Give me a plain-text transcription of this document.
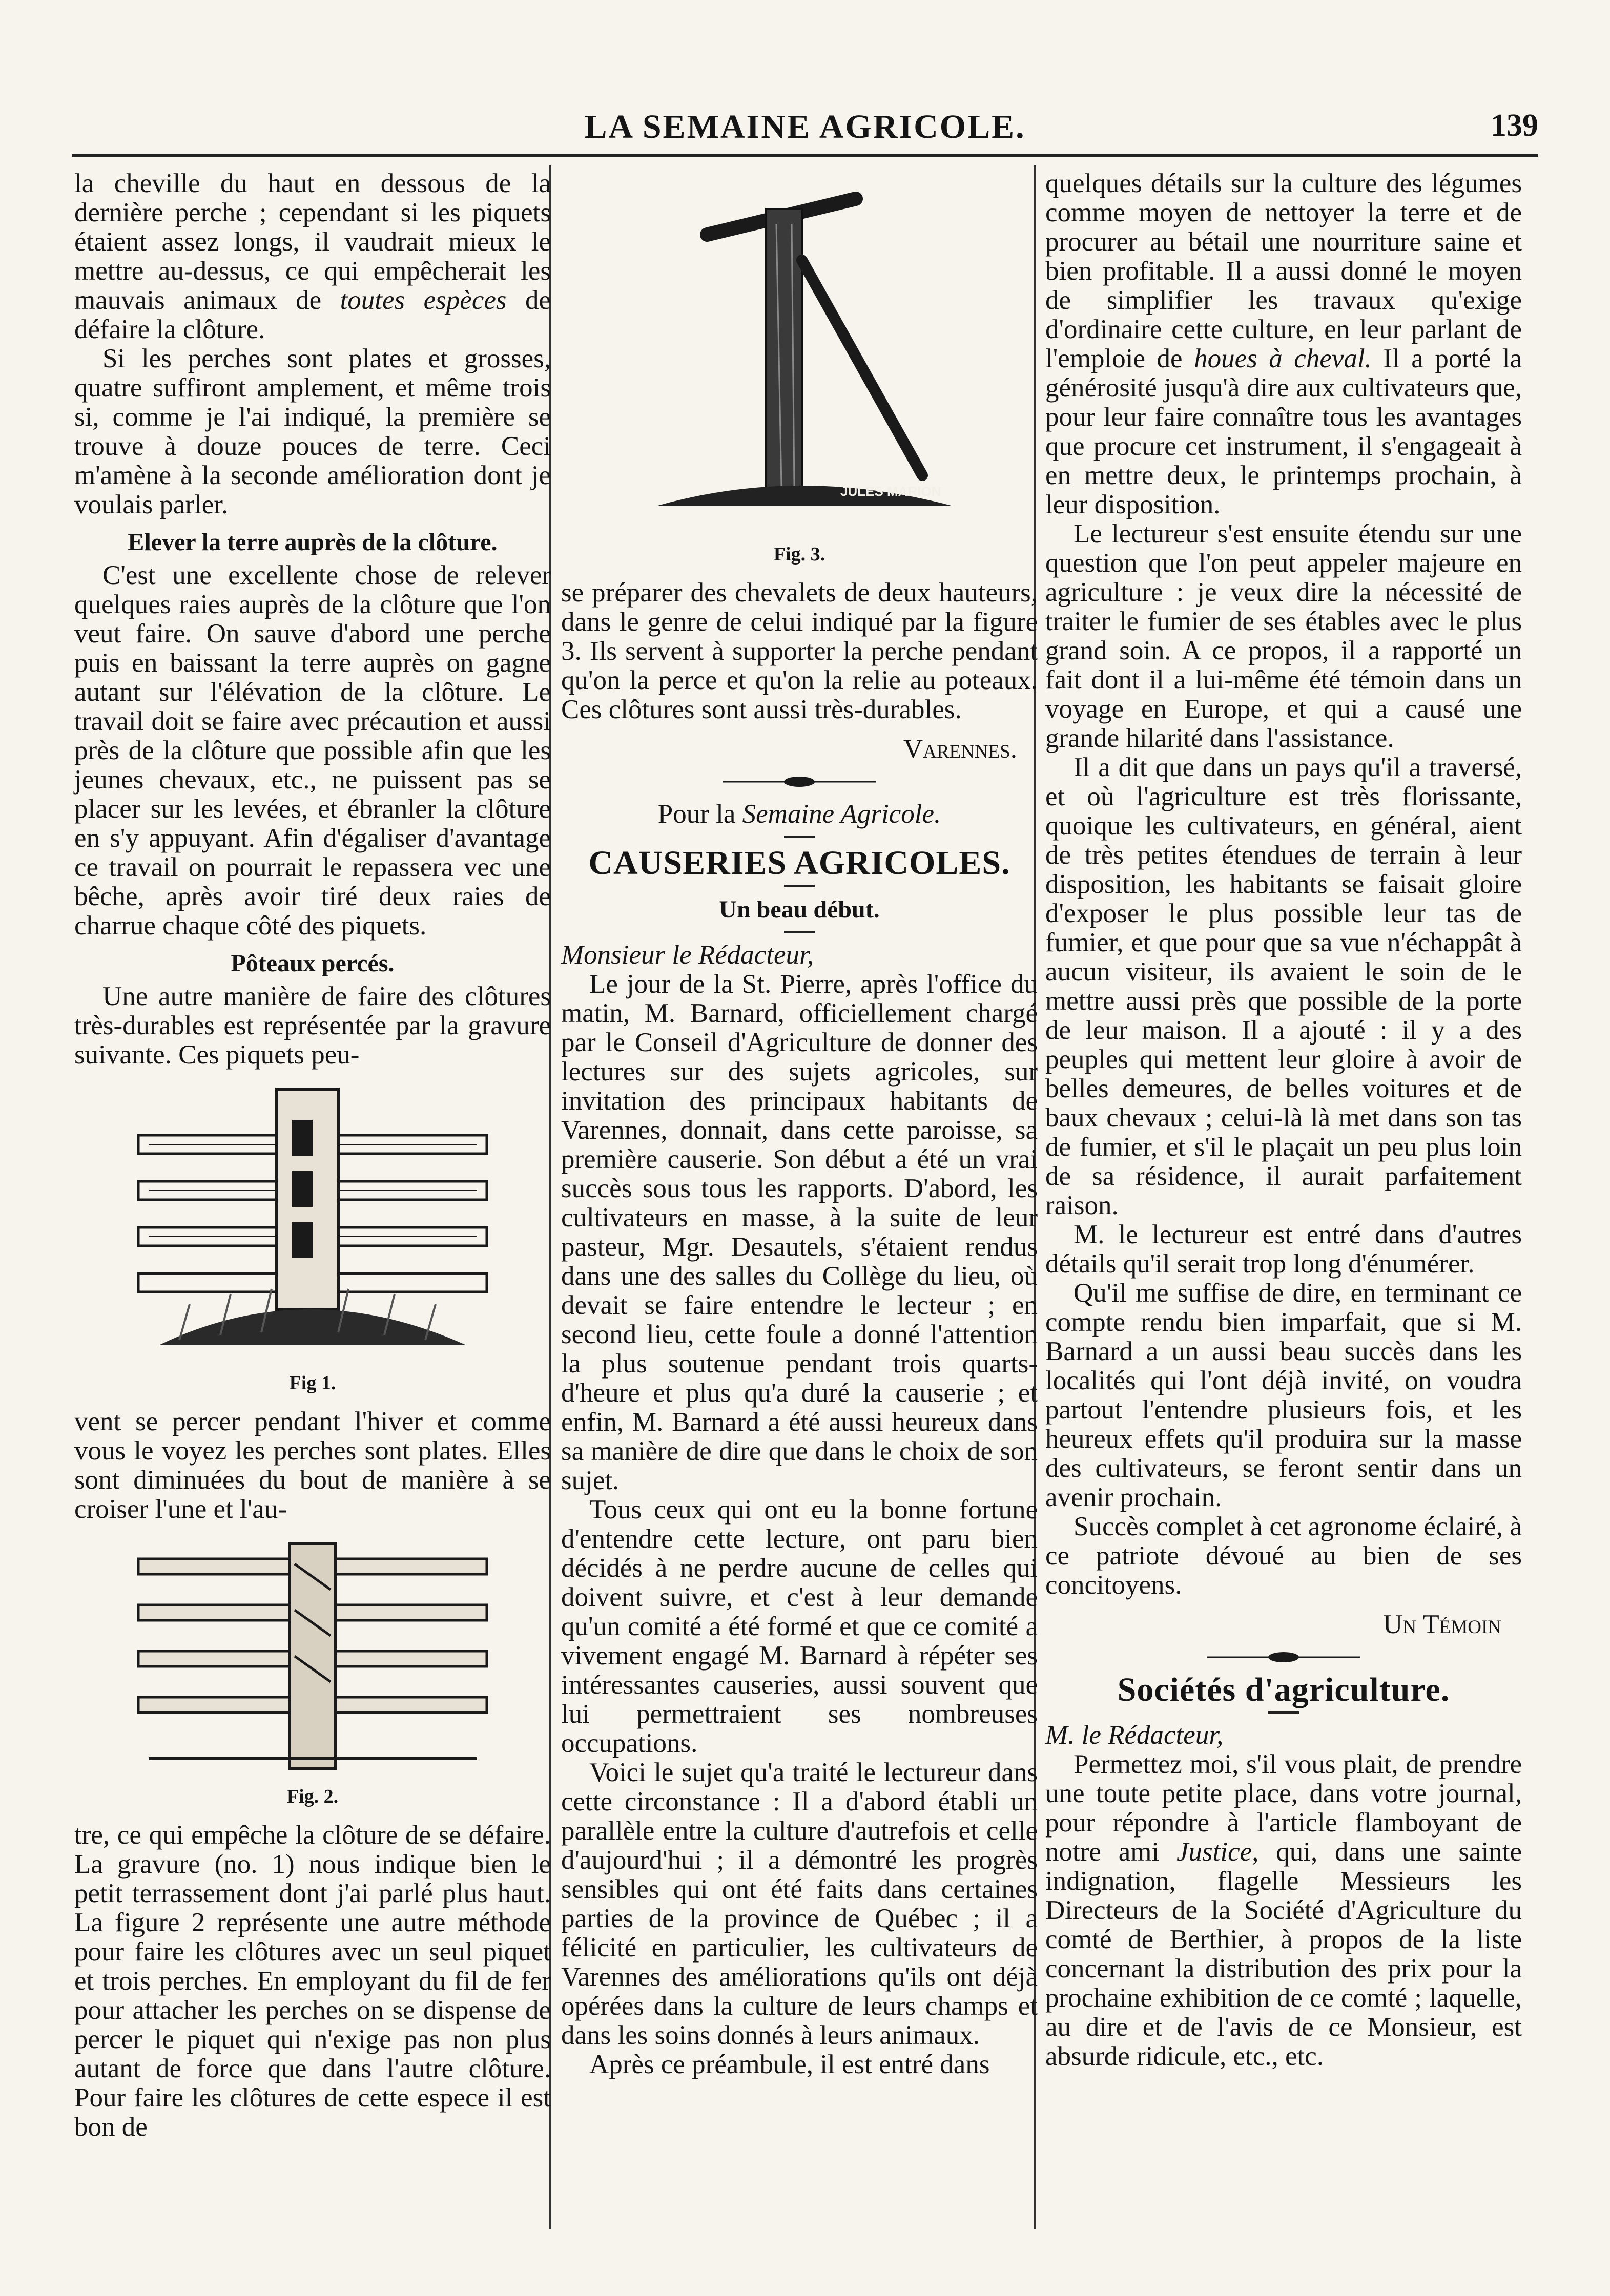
LA SEMAINE AGRICOLE.	139

la cheville du haut en dessous de la dernière perche ; cependant si les piquets étaient assez longs, il vaudrait mieux le mettre au-dessus, ce qui empêcherait les mauvais animaux de toutes espèces de défaire la clôture.

Si les perches sont plates et grosses, quatre suffiront amplement, et même trois si, comme je l'ai indiqué, la première se trouve à douze pouces de terre. Ceci m'amène à la seconde amélioration dont je voulais parler.

Elever la terre auprès de la clôture.

C'est une excellente chose de relever quelques raies auprès de la clôture que l'on veut faire. On sauve d'abord une perche puis en baissant la terre auprès on gagne autant sur l'élévation de la clôture. Le travail doit se faire avec précaution et aussi près de la clôture que possible afin que les jeunes chevaux, etc., ne puissent pas se placer sur les levées, et ébranler la clôture en s'y appuyant. Afin d'égaliser d'avantage ce travail on pourrait le repassera vec une bêche, après avoir tiré deux raies de charrue chaque côté des piquets.

Pôteaux percés.

Une autre manière de faire des clôtures très-durables est représentée par la gravure suivante. Ces piquets peu-

Fig 1.

vent se percer pendant l'hiver et comme vous le voyez les perches sont plates. Elles sont diminuées du bout de manière à se croiser l'une et l'au-

Fig. 2.

tre, ce qui empêche la clôture de se défaire. La gravure (no. 1) nous indique bien le petit terrassement dont j'ai parlé plus haut. La figure 2 représente une autre méthode pour faire les clôtures avec un seul piquet et trois perches. En employant du fil de fer pour attacher les perches on se dispense de percer le piquet qui n'exige pas non plus autant de force que dans l'autre clôture. Pour faire les clôtures de cette espece il est bon de

JULES MARION
Fig. 3.

se préparer des chevalets de deux hauteurs, dans le genre de celui indiqué par la figure 3. Ils servent à supporter la perche pendant qu'on la perce et qu'on la relie au poteaux. Ces clôtures sont aussi très-durables.

Varennes.

Pour la Semaine Agricole.

CAUSERIES AGRICOLES.
Un beau début.

Monsieur le Rédacteur,

Le jour de la St. Pierre, après l'office du matin, M. Barnard, officiellement chargé par le Conseil d'Agriculture de donner des lectures sur des sujets agricoles, sur invitation des principaux habitants de Varennes, donnait, dans cette paroisse, sa première causerie. Son début a été un vrai succès sous tous les rapports. D'abord, les cultivateurs en masse, à la suite de leur pasteur, Mgr. Desautels, s'étaient rendus dans une des salles du Collège du lieu, où devait se faire entendre le lecteur ; en second lieu, cette foule a donné l'attention la plus soutenue pendant trois quarts-d'heure et plus qu'a duré la causerie ; et enfin, M. Barnard a été aussi heureux dans sa manière de dire que dans le choix de son sujet.

Tous ceux qui ont eu la bonne fortune d'entendre cette lecture, ont paru bien décidés à ne perdre aucune de celles qui doivent suivre, et c'est à leur demande qu'un comité a été formé et que ce comité a vivement engagé M. Barnard à répéter ses intéressantes causeries, aussi souvent que lui permettraient ses nombreuses occupations.

Voici le sujet qu'a traité le lectureur dans cette circonstance : Il a d'abord établi un parallèle entre la culture d'autrefois et celle d'aujourd'hui ; il a démontré les progrès sensibles qui ont été faits dans certaines parties de la province de Québec ; il a félicité en particulier, les cultivateurs de Varennes des améliorations qu'ils ont déjà opérées dans la culture de leurs champs et dans les soins donnés à leurs animaux.

Après ce préambule, il est entré dans

quelques détails sur la culture des légumes comme moyen de nettoyer la terre et de procurer au bétail une nourriture saine et bien profitable. Il a aussi donné le moyen de simplifier les travaux qu'exige d'ordinaire cette culture, en leur parlant de l'emploie de houes à cheval. Il a porté la générosité jusqu'à dire aux cultivateurs que, pour leur faire connaître tous les avantages que procure cet instrument, il s'engageait à en mettre deux, le printemps prochain, à leur disposition.

Le lectureur s'est ensuite étendu sur une question que l'on peut appeler majeure en agriculture : je veux dire la nécessité de traiter le fumier de ses étables avec le plus grand soin. A ce propos, il a rapporté un fait dont il a lui-même été témoin dans un voyage en Europe, et qui a causé une grande hilarité dans l'assistance.

Il a dit que dans un pays qu'il a traversé, et où l'agriculture est très florissante, quoique les cultivateurs, en général, aient de très petites étendues de terrain à leur disposition, les habitants se faisait gloire d'exposer le plus possible leur tas de fumier, et que pour que sa vue n'échappât à aucun visiteur, ils avaient le soin de le mettre aussi près que possible de la porte de leur maison. Il a ajouté : il y a des peuples qui mettent leur gloire à avoir de belles demeures, de belles voitures et de baux chevaux ; celui-là là met dans son tas de fumier, et s'il le plaçait un peu plus loin de sa résidence, il aurait parfaitement raison.

M. le lectureur est entré dans d'autres détails qu'il serait trop long d'énumérer.

Qu'il me suffise de dire, en terminant ce compte rendu bien imparfait, que si M. Barnard a un aussi beau succès dans les localités qui l'ont déjà invité, on voudra partout l'entendre plusieurs fois, et les heureux effets qu'il produira sur la masse des cultivateurs, se feront sentir dans un avenir prochain.

Succès complet à cet agronome éclairé, à ce patriote dévoué au bien de ses concitoyens.

Un Témoin
Sociétés d'agriculture.

M. le Rédacteur,

Permettez moi, s'il vous plait, de prendre une toute petite place, dans votre journal, pour répondre à l'article flamboyant de notre ami Justice, qui, dans une sainte indignation, flagelle Messieurs les Directeurs de la Société d'Agriculture du comté de Berthier, à propos de la liste concernant la distribution des prix pour la prochaine exhibition de ce comté ; laquelle, au dire et de l'avis de ce Monsieur, est absurde ridicule, etc., etc.
